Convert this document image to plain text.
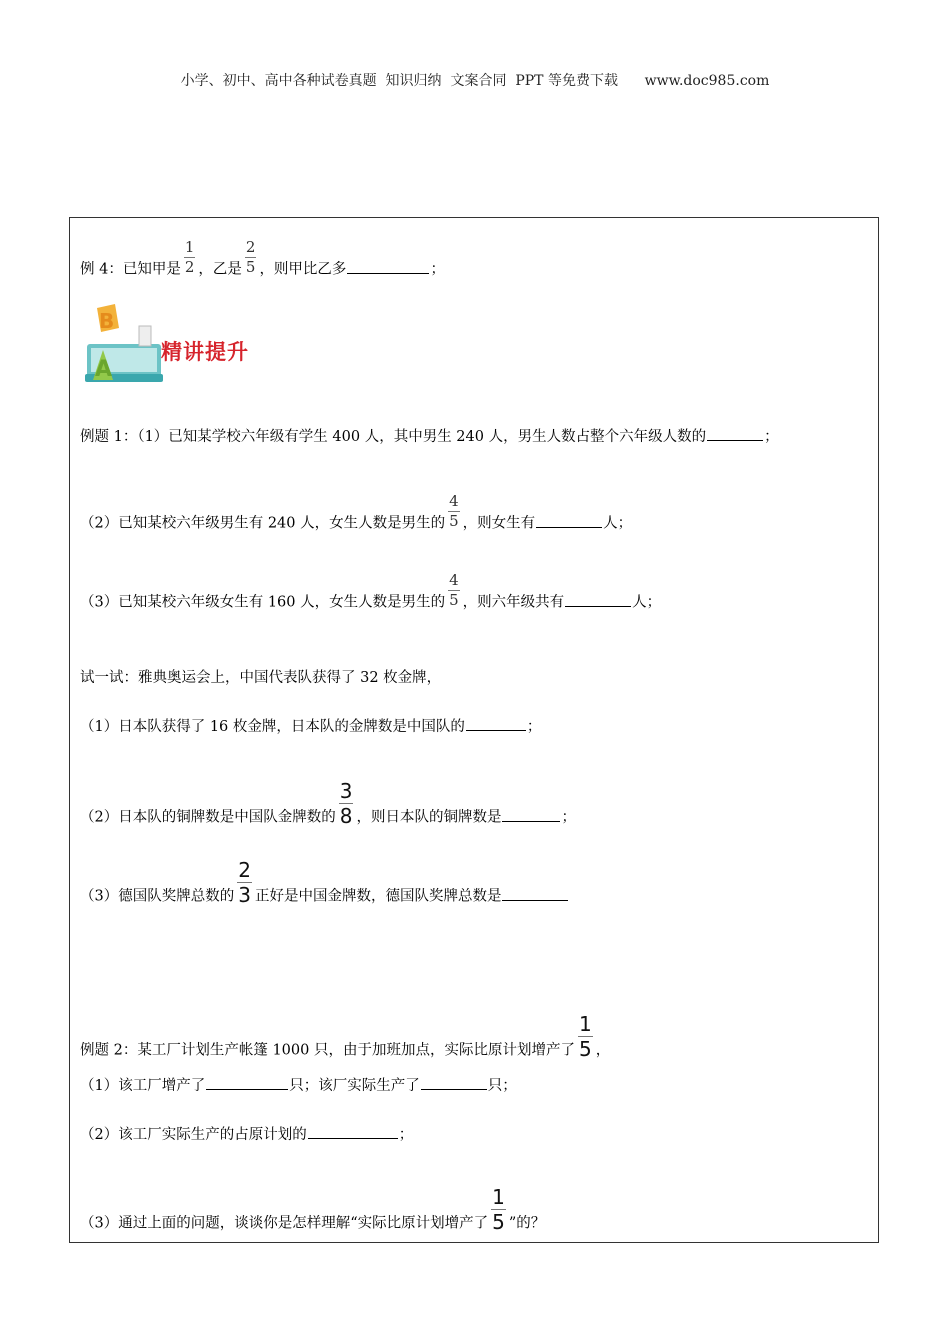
小学、初中、高中各种试卷真题  知识归纳  文案合同  PPT 等免费下载 www.doc985.com
例 4：已知甲是 $\frac{1}{2}$ ，乙是 $\frac{2}{5}$ ，则甲比乙多	；
B
A
精讲提升
例题 1：（1）已知某学校六年级有学生 400 人，其中男生 240 人，男生人数占整个六年级人数的	；
（2）已知某校六年级男生有 240 人，女生人数是男生的 $\frac{4}{5}$ ，则女生有	人；
（3）已知某校六年级女生有 160 人，女生人数是男生的 $\frac{4}{5}$ ，则六年级共有	人；
试一试：雅典奥运会上，中国代表队获得了 32 枚金牌，
（1）日本队获得了 16 枚金牌，日本队的金牌数是中国队的	；
（2）日本队的铜牌数是中国队金牌数的 $\frac{3}{8}$ ，则日本队的铜牌数是	；
（3）德国队奖牌总数的 $\frac{2}{3}$ 正好是中国金牌数，德国队奖牌总数是
例题 2：某工厂计划生产帐篷 1000 只，由于加班加点，实际比原计划增产了 $\frac{1}{5}$ ，
（1）该工厂增产了	只；该厂实际生产了	只；
（2）该工厂实际生产的占原计划的	；
（3）通过上面的问题，谈谈你是怎样理解“实际比原计划增产了 $\frac{1}{5}$ ”的？
